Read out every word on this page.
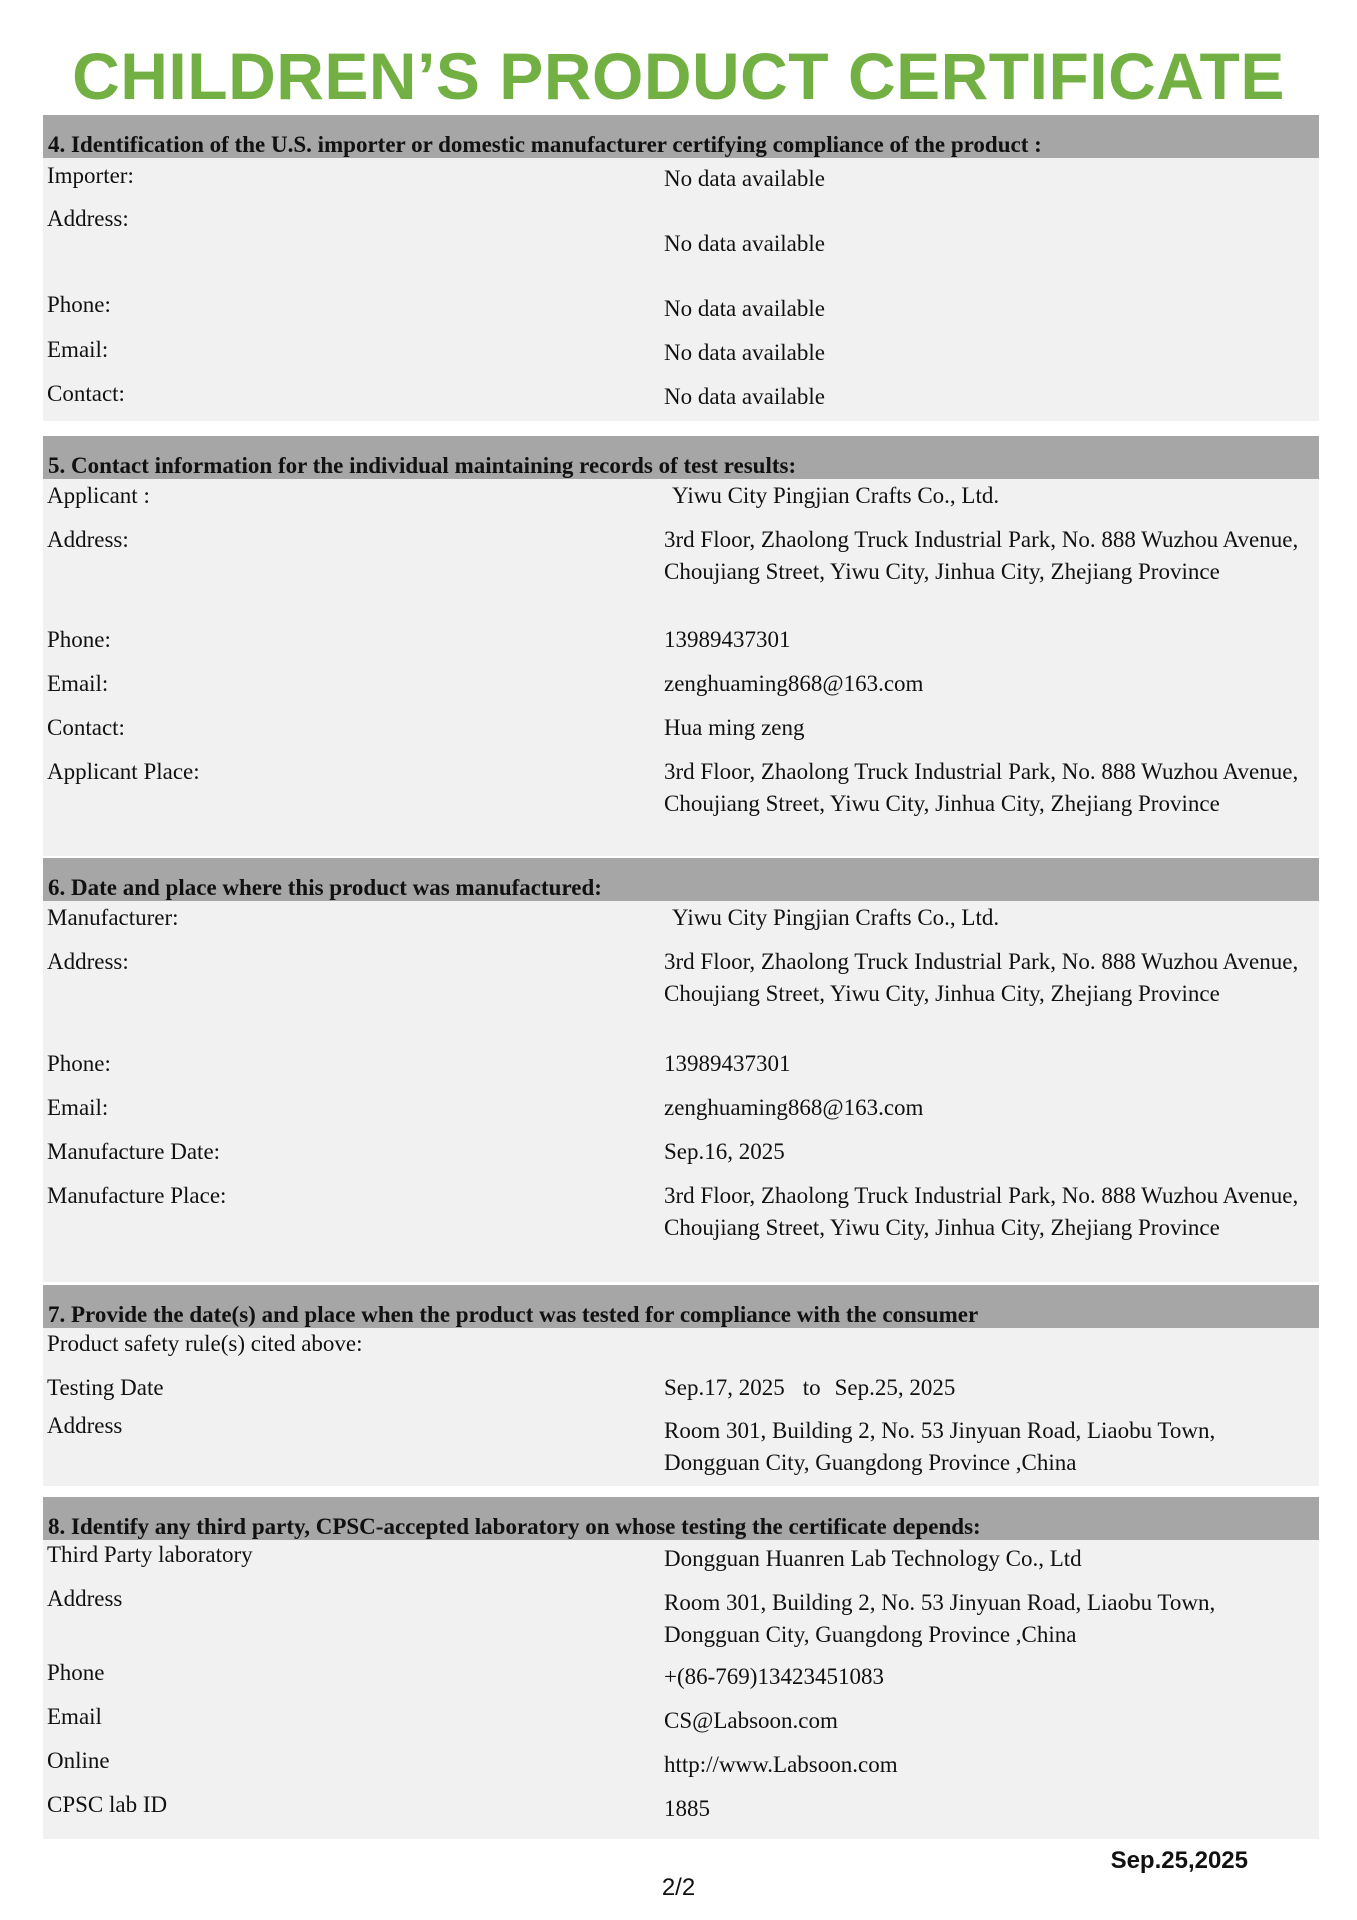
CHILDREN’S PRODUCT CERTIFICATE
4. Identification of the U.S. importer or domestic manufacturer certifying compliance of the product :
Importer:	No data available
Address:
No data available
Phone:	No data available
Email:	No data available
Contact:	No data available
5. Contact information for the individual maintaining records of test results:
Applicant :	Yiwu City Pingjian Crafts Co., Ltd.
Address:	3rd Floor, Zhaolong Truck Industrial Park, No. 888 Wuzhou Avenue, Choujiang Street, Yiwu City, Jinhua City, Zhejiang Province
Phone:	13989437301
Email:	zenghuaming868@163.com
Contact:	Hua ming zeng
Applicant Place:	3rd Floor, Zhaolong Truck Industrial Park, No. 888 Wuzhou Avenue, Choujiang Street, Yiwu City, Jinhua City, Zhejiang Province
6. Date and place where this product was manufactured:
Manufacturer:	Yiwu City Pingjian Crafts Co., Ltd.
Address:	3rd Floor, Zhaolong Truck Industrial Park, No. 888 Wuzhou Avenue, Choujiang Street, Yiwu City, Jinhua City, Zhejiang Province
Phone:	13989437301
Email:	zenghuaming868@163.com
Manufacture Date:	Sep.16, 2025
Manufacture Place:	3rd Floor, Zhaolong Truck Industrial Park, No. 888 Wuzhou Avenue, Choujiang Street, Yiwu City, Jinhua City, Zhejiang Province
7. Provide the date(s) and place when the product was tested for compliance with the consumer
Product safety rule(s) cited above:
Testing Date	Sep.17, 2025 to Sep.25, 2025
Address	Room 301, Building 2, No. 53 Jinyuan Road, Liaobu Town, Dongguan City, Guangdong Province ,China
8. Identify any third party, CPSC-accepted laboratory on whose testing the certificate depends:
Third Party laboratory	Dongguan Huanren Lab Technology Co., Ltd
Address	Room 301, Building 2, No. 53 Jinyuan Road, Liaobu Town, Dongguan City, Guangdong Province ,China
Phone	+(86-769)13423451083
Email	CS@Labsoon.com
Online	http://www.Labsoon.com
CPSC lab ID	1885
Sep.25,2025
2/2
